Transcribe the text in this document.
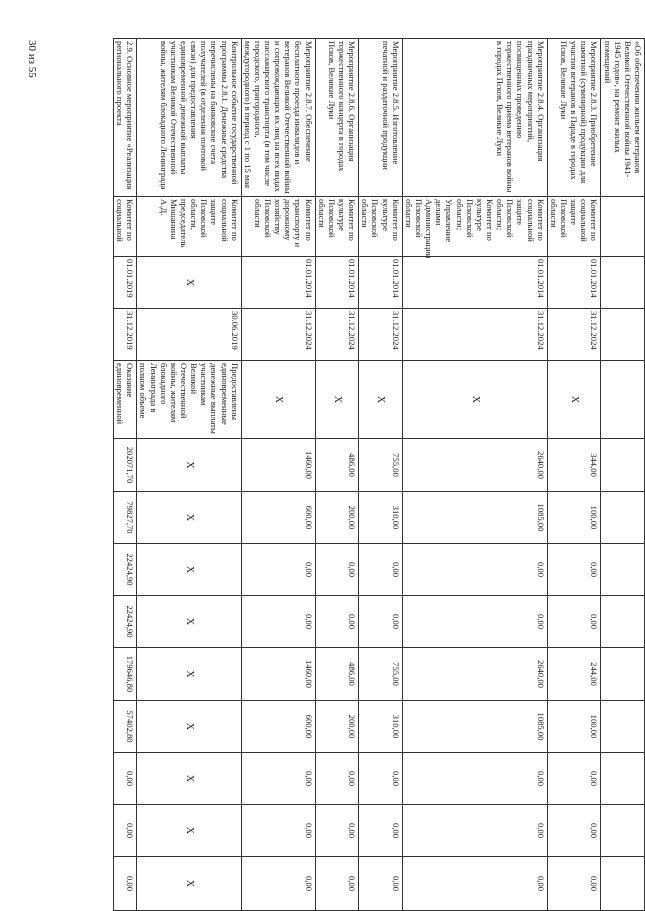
30 из 55	«Об обеспечении жильем ветеранов Великой Отечественной войны 1941-1945 годов», на ремонт жилых помещений													
Мероприятие 2.8.3. Приобретение памятной (сувенирной) продукции для участия ветеранов в Параде в городах Псков, Великие Луки	Комитет по социальной защите Псковской области	01.01.2014	31.12.2024	X	344,00	100,00	0,00	0,00	244,00	100,00	0,00	0,00	0,00
Мероприятие 2.8.4. Организация праздничных мероприятий, посвященных проведению торжественного приема ветеранов войны в городах Псков, Великие Луки	Комитет по социальной защите Псковской области; Комитет по культуре Псковской области; Управление делами Администрации Псковской области	01.01.2014	31.12.2024	X	2640,00	1085,00	0,00	0,00	2640,00	1085,00	0,00	0,00	0,00
Мероприятие 2.8.5. Изготовление печатной и раздаточной продукции	Комитет по культуре Псковской области	01.01.2014	31.12.2024	X	755,00	310,00	0,00	0,00	755,00	310,00	0,00	0,00	0,00
Мероприятие 2.8.6. Организация торжественного концерта в городах Псков, Великие Луки	Комитет по культуре Псковской области	01.01.2014	31.12.2024	X	486,00	200,00	0,00	0,00	486,00	200,00	0,00	0,00	0,00
Мероприятие 2.8.7. Обеспечение бесплатного проезда инвалидов и ветеранов Великой Отечественной войны и сопровождающих их лиц на всех видах пассажирского транспорта (в том числе городского, пригородного, междугородного) в период с 1 по 15 мая	Комитет по транспорту и дорожному хозяйству Псковской области	01.01.2014	31.12.2024	X	1460,00	600,00	0,00	0,00	1460,00	600,00	0,00	0,00	0,00
Контрольное событие государственной программы 2.8.1. Денежные средства перечислены на банковские счета получателей (в отделения почтовой связи) для предоставления единовременной денежной выплаты участникам Великой Отечественной войны, жителям блокадного Ленинграда	Комитет по социальной защите Псковской области, председатель Мишанина А.Д.	X	30.06.2019	Предоставлены единовременные денежные выплаты участникам Великой Отечественной войны, жителям блокадного Ленинграда в полном объеме	X	X	X	X	X	X	X	X	X
2.9. Основное мероприятие «Реализация регионального проекта	Комитет по социальной	01.01.2019	31.12.2019	Оказание единовременной	202071,70	79827,70	22424,90	22424,90	179646,80	57402,80	0,00	0,00	0,00
